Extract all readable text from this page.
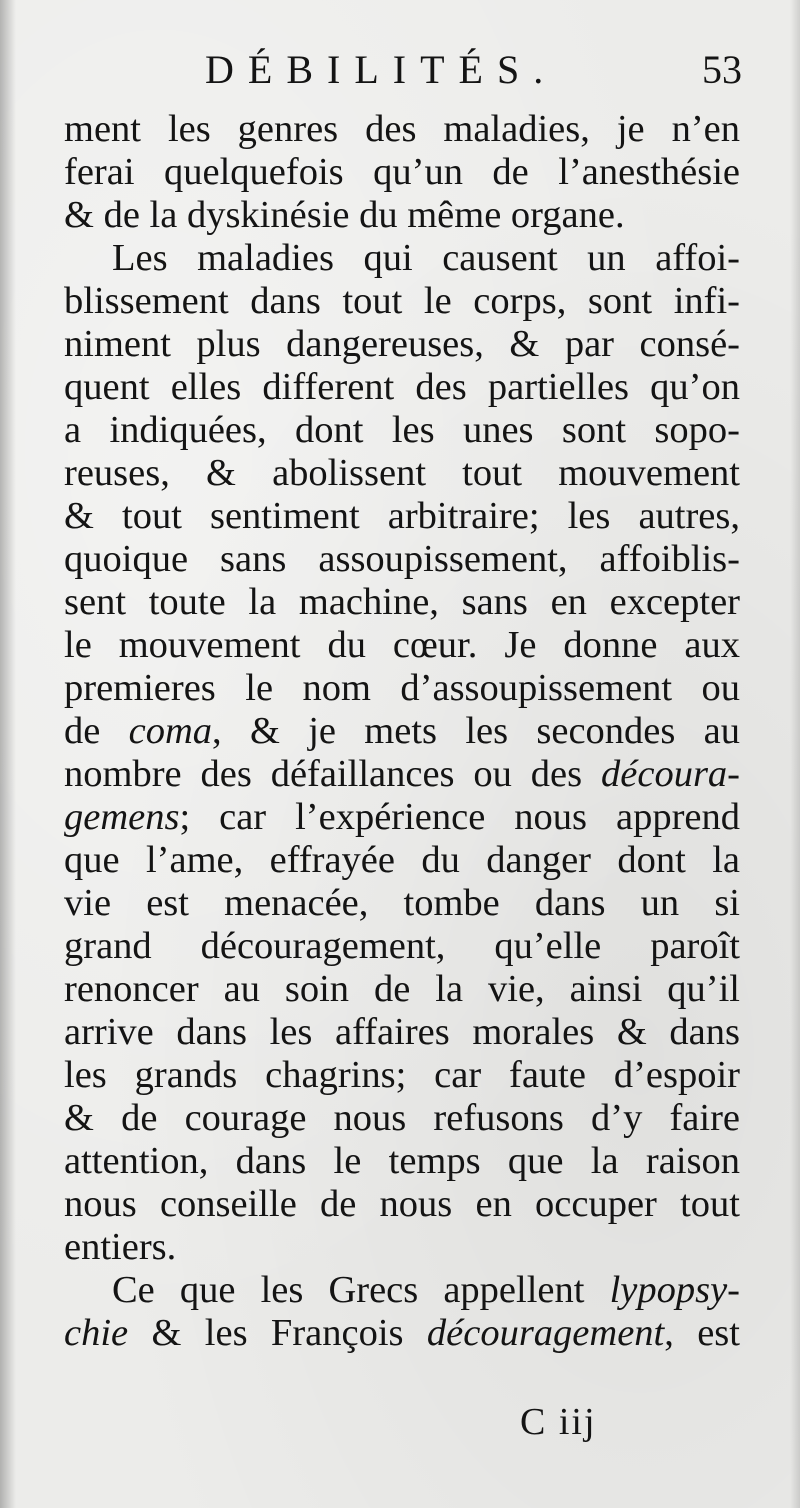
DÉBILITÉS.	53
ment les genres des maladies, je n’en
ferai quelquefois qu’un de l’anesthésie
& de la dyskinésie du même organe.
Les maladies qui causent un affoi-
blissement dans tout le corps, sont infi-
niment plus dangereuses, & par consé-
quent elles different des partielles qu’on
a indiquées, dont les unes sont sopo-
reuses, & abolissent tout mouvement
& tout sentiment arbitraire; les autres,
quoique sans assoupissement, affoiblis-
sent toute la machine, sans en excepter
le mouvement du cœur. Je donne aux
premieres le nom d’assoupissement ou
de coma, & je mets les secondes au
nombre des défaillances ou des découra-
gemens; car l’expérience nous apprend
que l’ame, effrayée du danger dont la
vie est menacée, tombe dans un si
grand découragement, qu’elle paroît
renoncer au soin de la vie, ainsi qu’il
arrive dans les affaires morales & dans
les grands chagrins; car faute d’espoir
& de courage nous refusons d’y faire
attention, dans le temps que la raison
nous conseille de nous en occuper tout
entiers.
Ce que les Grecs appellent lypopsy-
chie & les François découragement, est
C iij
